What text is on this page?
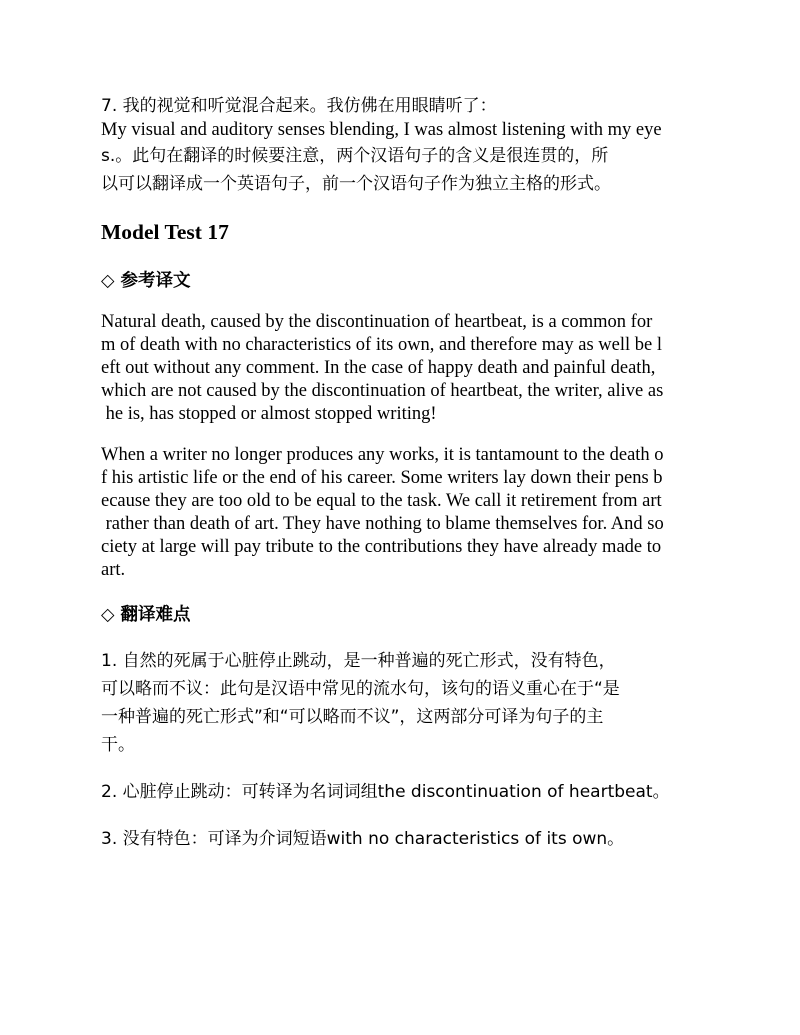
7. 我的视觉和听觉混合起来。我仿佛在用眼睛听了：
My visual and auditory senses blending, I was almost listening with my eye
s.。此句在翻译的时候要注意，两个汉语句子的含义是很连贯的，所
以可以翻译成一个英语句子，前一个汉语句子作为独立主格的形式。
Model Test 17
◇ 参考译文
Natural death, caused by the discontinuation of heartbeat, is a common for
m of death with no characteristics of its own, and therefore may as well be l
eft out without any comment. In the case of happy death and painful death,
which are not caused by the discontinuation of heartbeat, the writer, alive as
he is, has stopped or almost stopped writing!
When a writer no longer produces any works, it is tantamount to the death o
f his artistic life or the end of his career. Some writers lay down their pens b
ecause they are too old to be equal to the task. We call it retirement from art
rather than death of art. They have nothing to blame themselves for. And so
ciety at large will pay tribute to the contributions they have already made to
art.
◇ 翻译难点
1. 自然的死属于心脏停止跳动，是一种普遍的死亡形式，没有特色，
可以略而不议：此句是汉语中常见的流水句，该句的语义重心在于“是
一种普遍的死亡形式”和“可以略而不议”，这两部分可译为句子的主
干。
2. 心脏停止跳动：可转译为名词词组the discontinuation of heartbeat。
3. 没有特色：可译为介词短语with no characteristics of its own。
